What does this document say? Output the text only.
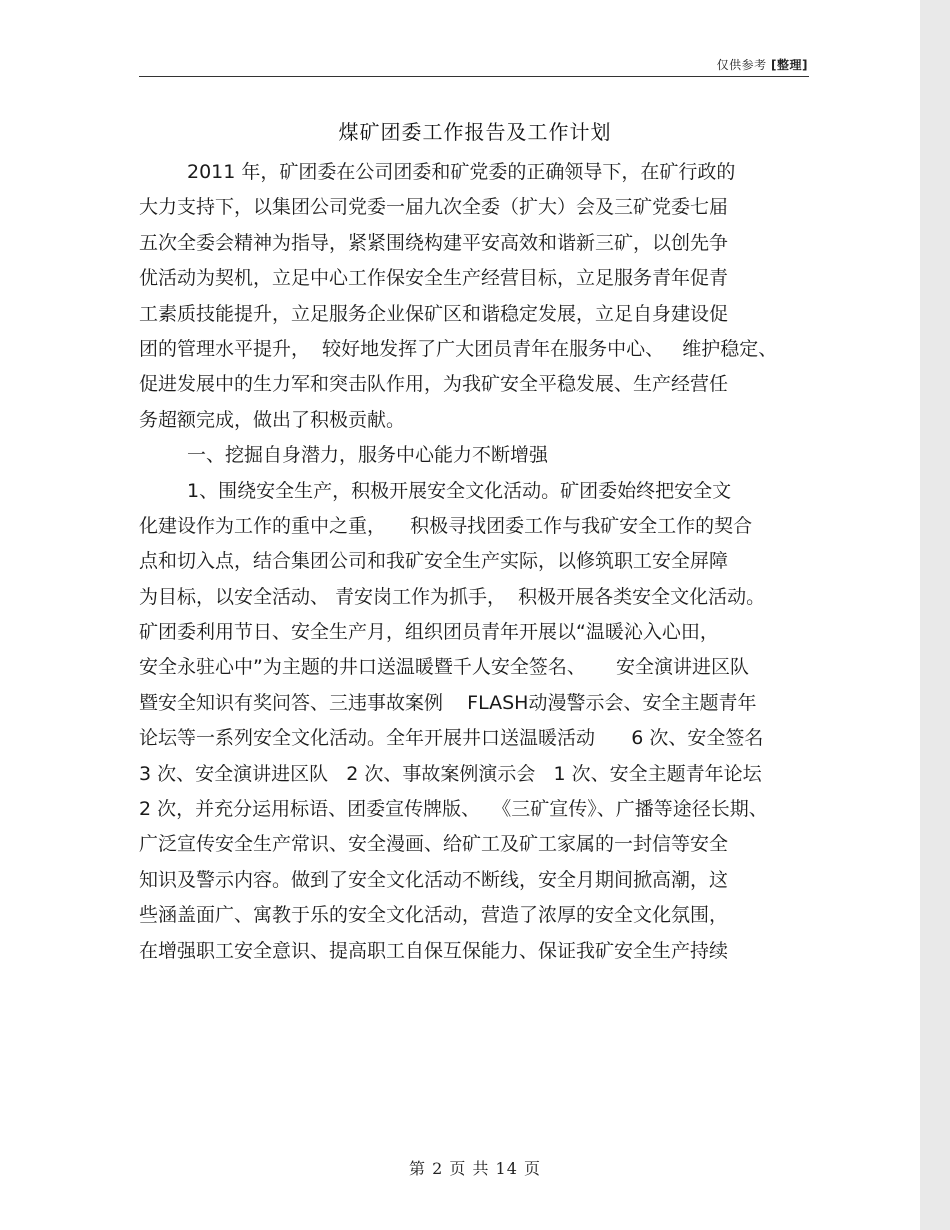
仅供参考 [整理]
煤矿团委工作报告及工作计划
2011 年，矿团委在公司团委和矿党委的正确领导下，在矿行政的
大力支持下，以集团公司党委一届九次全委（扩大）会及三矿党委七届
五次全委会精神为指导，紧紧围绕构建平安高效和谐新三矿，以创先争
优活动为契机，立足中心工作保安全生产经营目标，立足服务青年促青
工素质技能提升，立足服务企业保矿区和谐稳定发展，立足自身建设促
团的管理水平提升，  较好地发挥了广大团员青年在服务中心、   维护稳定、
促进发展中的生力军和突击队作用，为我矿安全平稳发展、生产经营任
务超额完成，做出了积极贡献。
一、挖掘自身潜力，服务中心能力不断增强
1、围绕安全生产，积极开展安全文化活动。矿团委始终把安全文
化建设作为工作的重中之重，    积极寻找团委工作与我矿安全工作的契合
点和切入点，结合集团公司和我矿安全生产实际，以修筑职工安全屏障
为目标，以安全活动、 青安岗工作为抓手，  积极开展各类安全文化活动。
矿团委利用节日、安全生产月，组织团员青年开展以“温暖沁入心田，
安全永驻心中”为主题的井口送温暖暨千人安全签名、     安全演讲进区队
暨安全知识有奖问答、三违事故案例    FLASH动漫警示会、安全主题青年
论坛等一系列安全文化活动。全年开展井口送温暖活动      6 次、安全签名
3 次、安全演讲进区队   2 次、事故案例演示会   1 次、安全主题青年论坛
2 次，并充分运用标语、团委宣传牌版、  《三矿宣传》、广播等途径长期、
广泛宣传安全生产常识、安全漫画、给矿工及矿工家属的一封信等安全
知识及警示内容。做到了安全文化活动不断线，安全月期间掀高潮，这
些涵盖面广、寓教于乐的安全文化活动，营造了浓厚的安全文化氛围，
在增强职工安全意识、提高职工自保互保能力、保证我矿安全生产持续
第 2 页 共 14 页
